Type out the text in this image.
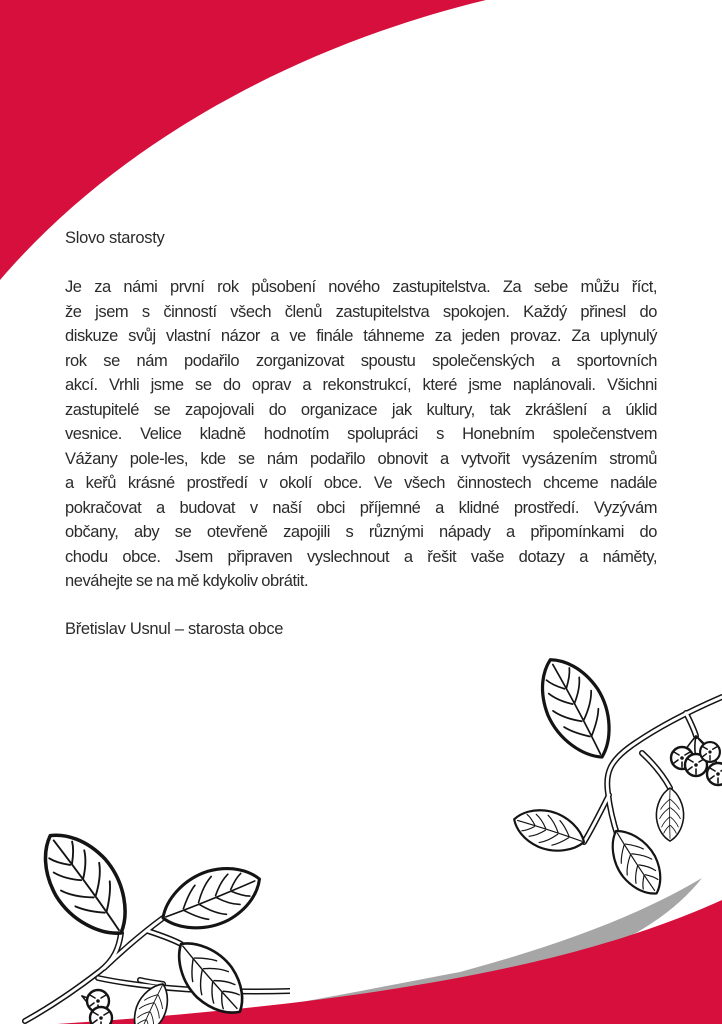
Slovo starosty
Je za námi první rok působení nového zastupitelstva. Za sebe můžu říct,
že jsem s činností všech členů zastupitelstva spokojen. Každý přinesl do
diskuze svůj vlastní názor a ve finále táhneme za jeden provaz. Za uplynulý
rok se nám podařilo zorganizovat spoustu společenských a sportovních
akcí. Vrhli jsme se do oprav a rekonstrukcí, které jsme naplánovali. Všichni
zastupitelé se zapojovali do organizace jak kultury, tak zkrášlení a úklid
vesnice. Velice kladně hodnotím spolupráci s Honebním společenstvem
Vážany pole-les, kde se nám podařilo obnovit a vytvořit vysázením stromů
a keřů krásné prostředí v okolí obce. Ve všech činnostech chceme nadále
pokračovat a budovat v naší obci příjemné a klidné prostředí. Vyzývám
občany, aby se otevřeně zapojili s různými nápady a připomínkami do
chodu obce. Jsem připraven vyslechnout a řešit vaše dotazy a náměty,
neváhejte se na mě kdykoliv obrátit.
Břetislav Usnul – starosta obce
